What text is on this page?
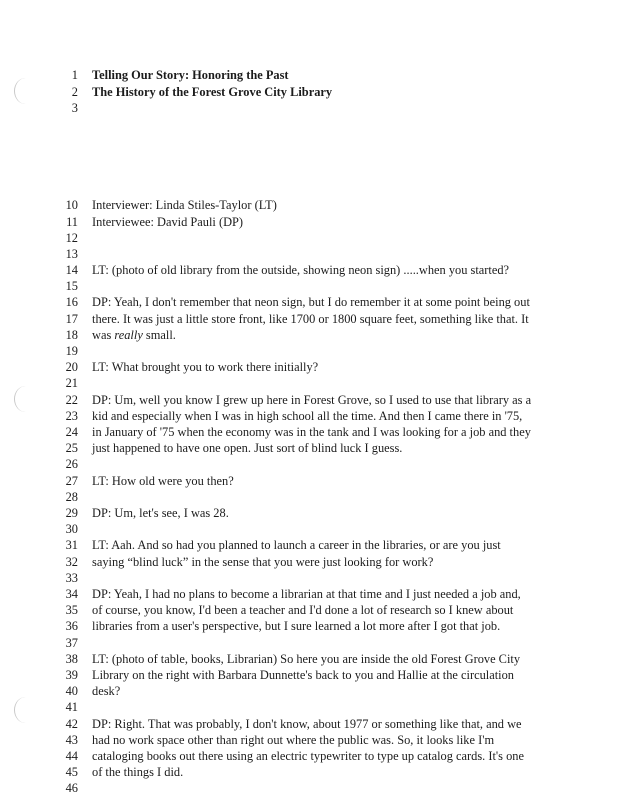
1 Telling Our Story: Honoring the Past
2 The History of the Forest Grove City Library
3
10 Interviewer: Linda Stiles-Taylor (LT)
11 Interviewee: David Pauli (DP)
12
13
14 LT: (photo of old library from the outside, showing neon sign) .....when you started?
15
16 DP: Yeah, I don't remember that neon sign, but I do remember it at some point being out
17 there. It was just a little store front, like 1700 or 1800 square feet, something like that. It
18 was really small.
19
20 LT: What brought you to work there initially?
21
22 DP: Um, well you know I grew up here in Forest Grove, so I used to use that library as a
23 kid and especially when I was in high school all the time. And then I came there in '75,
24 in January of '75 when the economy was in the tank and I was looking for a job and they
25 just happened to have one open. Just sort of blind luck I guess.
26
27 LT: How old were you then?
28
29 DP: Um, let's see, I was 28.
30
31 LT: Aah. And so had you planned to launch a career in the libraries, or are you just
32 saying “blind luck” in the sense that you were just looking for work?
33
34 DP: Yeah, I had no plans to become a librarian at that time and I just needed a job and,
35 of course, you know, I'd been a teacher and I'd done a lot of research so I knew about
36 libraries from a user's perspective, but I sure learned a lot more after I got that job.
37
38 LT: (photo of table, books, Librarian) So here you are inside the old Forest Grove City
39 Library on the right with Barbara Dunnette's back to you and Hallie at the circulation
40 desk?
41
42 DP: Right. That was probably, I don't know, about 1977 or something like that, and we
43 had no work space other than right out where the public was. So, it looks like I'm
44 cataloging books out there using an electric typewriter to type up catalog cards. It's one
45 of the things I did.
46
